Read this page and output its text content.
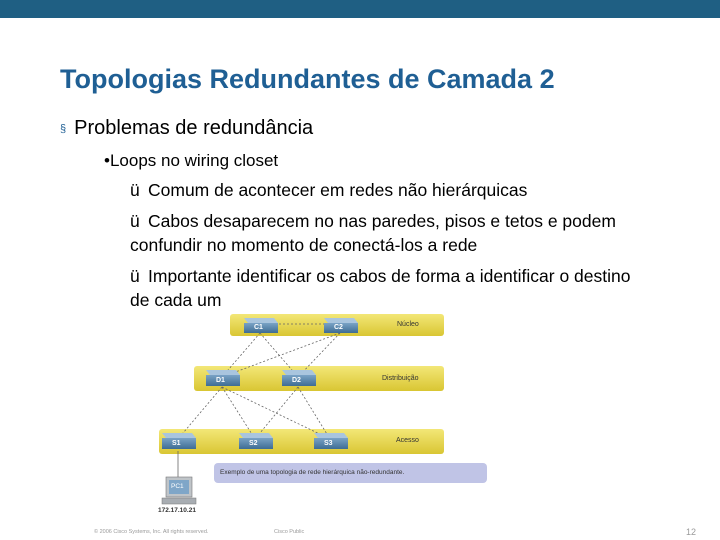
Topologias Redundantes de Camada 2
§ Problemas de redundância
•Loops no wiring closet
ü Comum de acontecer em redes não hierárquicas
ü Cabos desaparecem no nas paredes, pisos e tetos e podem confundir no momento de conectá-los a rede
ü Importante identificar os cabos de forma a identificar o destino de cada um
C1	C2
D1	D2
S1	S2	S3
Núcleo
Distribuição
Acesso
Exemplo de uma topologia de rede hierárquica não-redundante.
PC1
172.17.10.21
© 2006 Cisco Systems, Inc. All rights reserved.	Cisco Public	12
